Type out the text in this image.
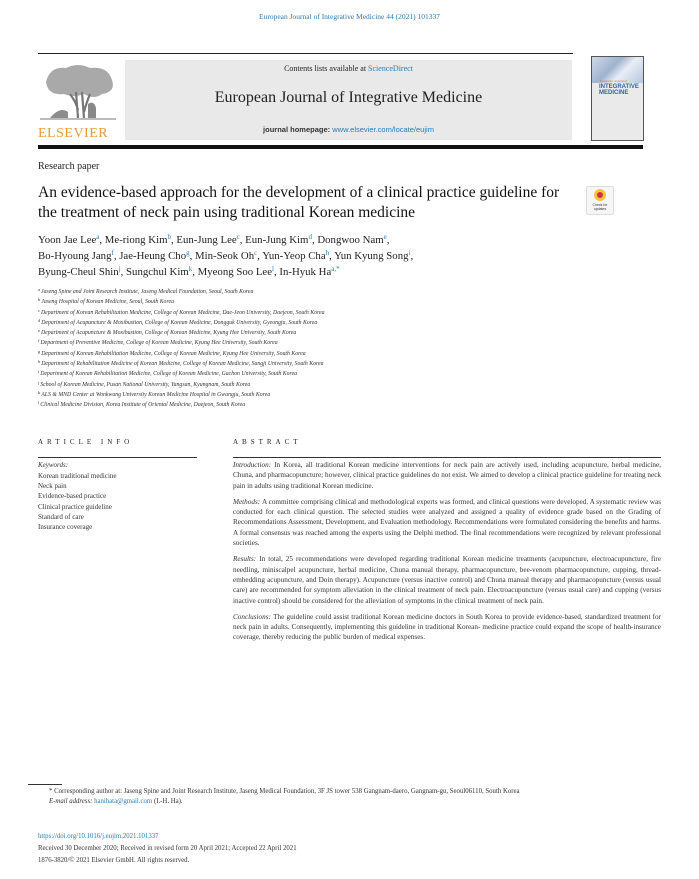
European Journal of Integrative Medicine 44 (2021) 101337
ELSEVIER
Contents lists available at ScienceDirect
European Journal of Integrative Medicine
journal homepage: www.elsevier.com/locate/eujim
European Journal of
INTEGRATIVE
MEDICINE
Research paper
An evidence-based approach for the development of a clinical practice guideline for the treatment of neck pain using traditional Korean medicine	Check for
updates
Yoon Jae Lee$^a$, Me-riong Kim$^b$, Eun-Jung Lee$^c$, Eun-Jung Kim$^d$, Dongwoo Nam$^e$,
Bo-Hyoung Jang$^f$, Jae-Heung Cho$^g$, Min-Seok Oh$^c$, Yun-Yeop Cha$^h$, Yun Kyung Song$^i$,
Byung-Cheul Shin$^j$, Sungchul Kim$^k$, Myeong Soo Lee$^l$, In-Hyuk $Ha^{a,*}$
$^a$Jaseng Spine and Joint Research Institute, Jaseng Medical Foundation, Seoul, South Korea
$^b$Jaseng Hospital of Korean Medicine, Seoul, South Korea
$^c$Department of Korean Rehabilitation Medicine, College of Korean Medicine, Dae-Jeon University, Daejeon, South Korea
$^d$Department of Acupuncture & Moxibustion, College of Korean Medicine, Dongguk University, Gyeongju, South Korea
$^e$Department of Acupuncture & Moxibustion, College of Korean Medicine, Kyung Hee University, South Korea
$^f$Department of Preventive Medicine, College of Korean Medicine, Kyung Hee University, South Korea
$^g$Department of Korean Rehabilitation Medicine, College of Korean Medicine, Kyung Hee University, South Korea
$^h$Department of Rehabilitation Medicine of Korean Medicine, College of Korean Medicine, Sangji University, South Korea
$^i$Department of Korean Rehabilitation Medicine, College of Korean Medicine, Gachon University, South Korea
$^j$School of Korean Medicine, Pusan National University, Yangsan, Kyungnam, South Korea
$^k$ALS & MND Center at Wonkwang University Korean Medicine Hospital in Gwangju, South Korea
$^l$Clinical Medicine Division, Korea Institute of Oriental Medicine, Daejeon, South Korea
ARTICLE INFO
Keywords:
Korean traditional medicine
Neck pain
Evidence-based practice
Clinical practice guideline
Standard of care
Insurance coverage
ABSTRACT

Introduction: In Korea, all traditional Korean medicine interventions for neck pain are actively used, including acupuncture, herbal medicine, Chuna, and pharmacopuncture; however, clinical practice guidelines do not exist. We aimed to develop a clinical practice guideline for treating neck pain in adults using traditional Korean medicine.

Methods: A committee comprising clinical and methodological experts was formed, and clinical questions were developed. A systematic review was conducted for each clinical question. The selected studies were analyzed and assigned a quality of evidence grade based on the Grading of Recommendations Assessment, Development, and Evaluation methodology. Recommendations were formulated considering the benefits and harms. A formal consensus was reached among the experts using the Delphi method. The final recommendations were recognized by relevant professional societies.

Results: In total, 25 recommendations were developed regarding traditional Korean medicine treatments (acupuncture, electroacupuncture, fire needling, miniscalpel acupuncture, herbal medicine, Chuna manual therapy, pharmacopuncture, bee-venom pharmacopuncture, cupping, thread-embedding acupuncture, and Doin therapy). Acupuncture (versus inactive control) and Chuna manual therapy and pharmacopuncture (versus usual care) are recommended for symptom alleviation in the clinical treatment of neck pain. Electroacupuncture (versus usual care) and cupping (versus inactive control) should be considered for the alleviation of symptoms in the clinical treatment of neck pain.

Conclusions: The guideline could assist traditional Korean medicine doctors in South Korea to provide evidence-based, standardized treatment for neck pain in adults. Consequently, implementing this guideline in traditional Korean- medicine practice could expand the scope of health-insurance coverage, thereby reducing the public burden of medical expenses.

* Corresponding author at: Jaseng Spine and Joint Research Institute, Jaseng Medical Foundation, 3F JS tower 538 Gangnam-daero, Gangnam-gu, Seoul06110, South Korea
E-mail address: hanihata@gmail.com (I.-H. Ha).
https://doi.org/10.1016/j.eujim.2021.101337
Received 30 December 2020; Received in revised form 20 April 2021; Accepted 22 April 2021
1876-3820/© 2021 Elsevier GmbH. All rights reserved.
